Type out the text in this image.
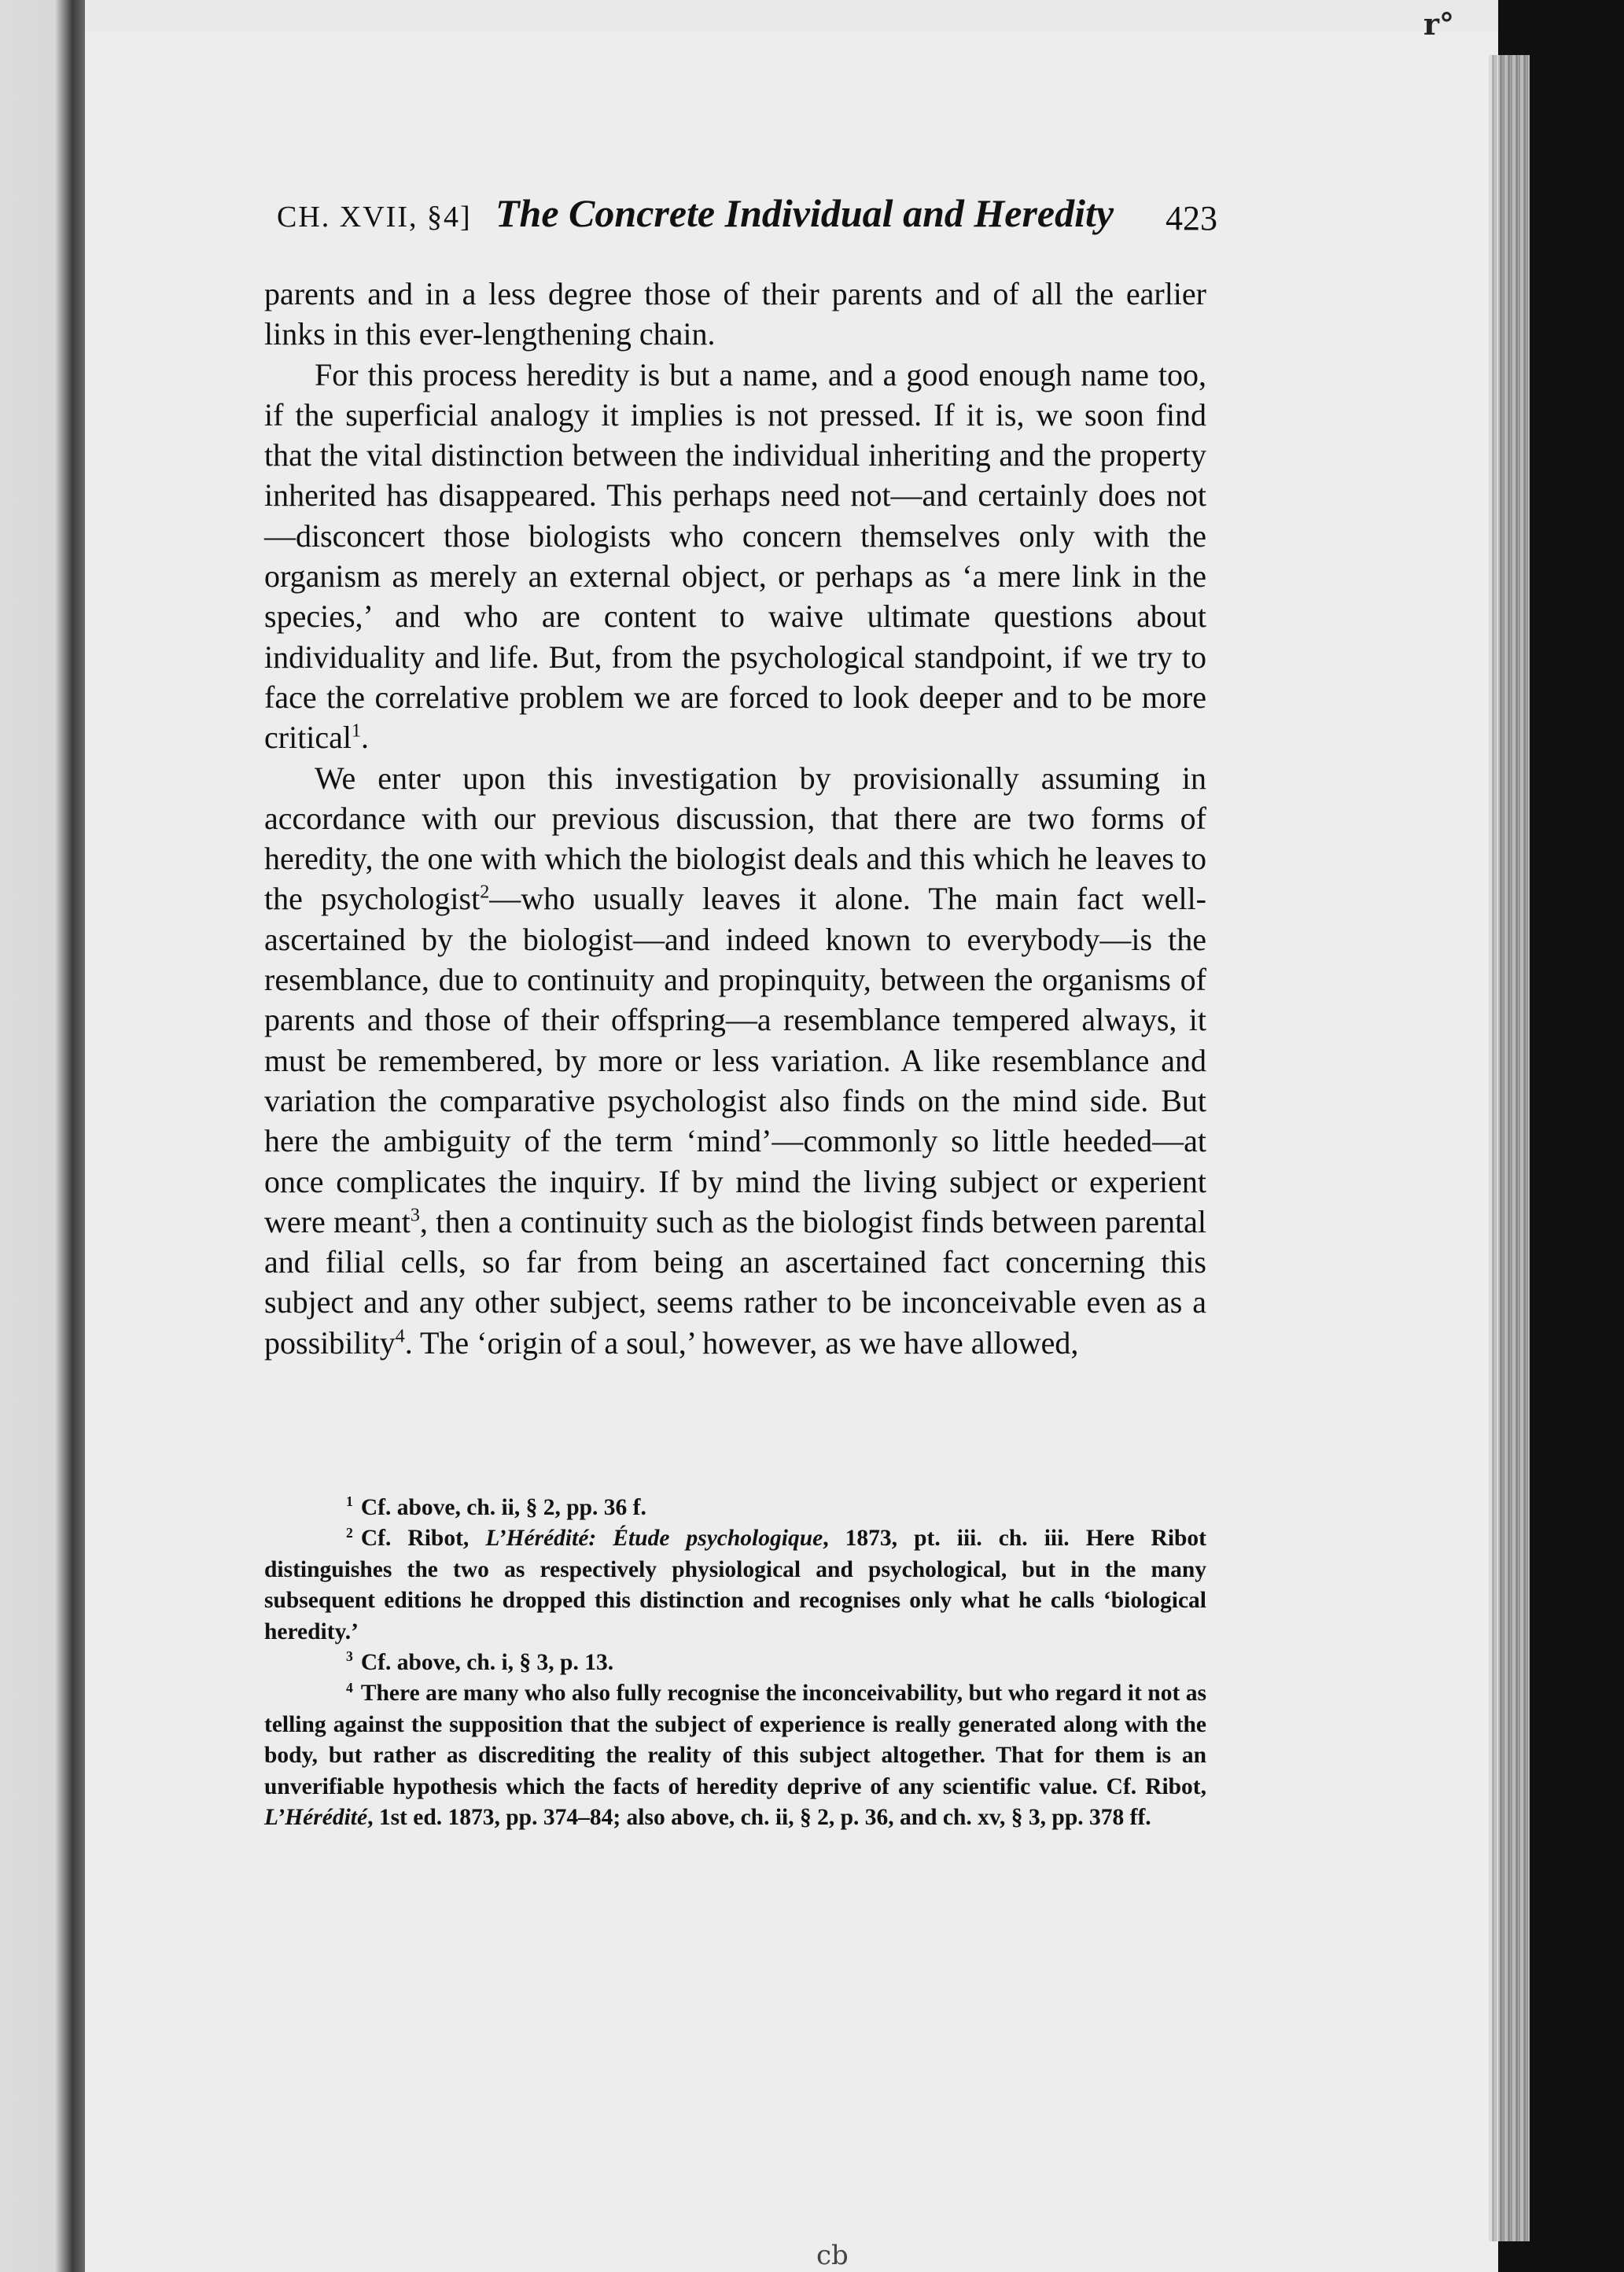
r°
cb
CH. XVII, §4] The Concrete Individual and Heredity 423

parents and in a less degree those of their parents and of all the earlier links in this ever-lengthening chain.

For this process heredity is but a name, and a good enough name too, if the superficial analogy it implies is not pressed. If it is, we soon find that the vital distinction between the individual inheriting and the property inherited has disappeared. This perhaps need not—and certainly does not—disconcert those biologists who concern themselves only with the organism as merely an external object, or perhaps as ‘a mere link in the species,’ and who are content to waive ultimate questions about individuality and life. But, from the psychological standpoint, if we try to face the correlative problem we are forced to look deeper and to be more critical$^1$.

We enter upon this investigation by provisionally assuming in accordance with our previous discussion, that there are two forms of heredity, the one with which the biologist deals and this which he leaves to the psychologist$^2$—who usually leaves it alone. The main fact well-ascertained by the biologist—and indeed known to everybody—is the resemblance, due to continuity and propinquity, between the organisms of parents and those of their offspring—a resemblance tempered always, it must be remembered, by more or less variation. A like resemblance and variation the comparative psychologist also finds on the mind side. But here the ambiguity of the term ‘mind’—commonly so little heeded—at once complicates the inquiry. If by mind the living subject or experient were meant$^3$, then a continuity such as the biologist finds between parental and filial cells, so far from being an ascertained fact concerning this subject and any other subject, seems rather to be inconceivable even as a possibility$^4$. The ‘origin of a soul,’ however, as we have allowed,

$^1$ Cf. above, ch. ii, § 2, pp. 36 f.

$^2$ Cf. Ribot, L’Hérédité: Étude psychologique, 1873, pt. iii. ch. iii. Here Ribot distinguishes the two as respectively physiological and psychological, but in the many subsequent editions he dropped this distinction and recognises only what he calls ‘biological heredity.’

$^3$ Cf. above, ch. i, § 3, p. 13.

$^4$ There are many who also fully recognise the inconceivability, but who regard it not as telling against the supposition that the subject of experience is really generated along with the body, but rather as discrediting the reality of this subject altogether. That for them is an unverifiable hypothesis which the facts of heredity deprive of any scientific value. Cf. Ribot, L’Hérédité, 1st ed. 1873, pp. 374–84; also above, ch. ii, § 2, p. 36, and ch. xv, § 3, pp. 378 ff.
